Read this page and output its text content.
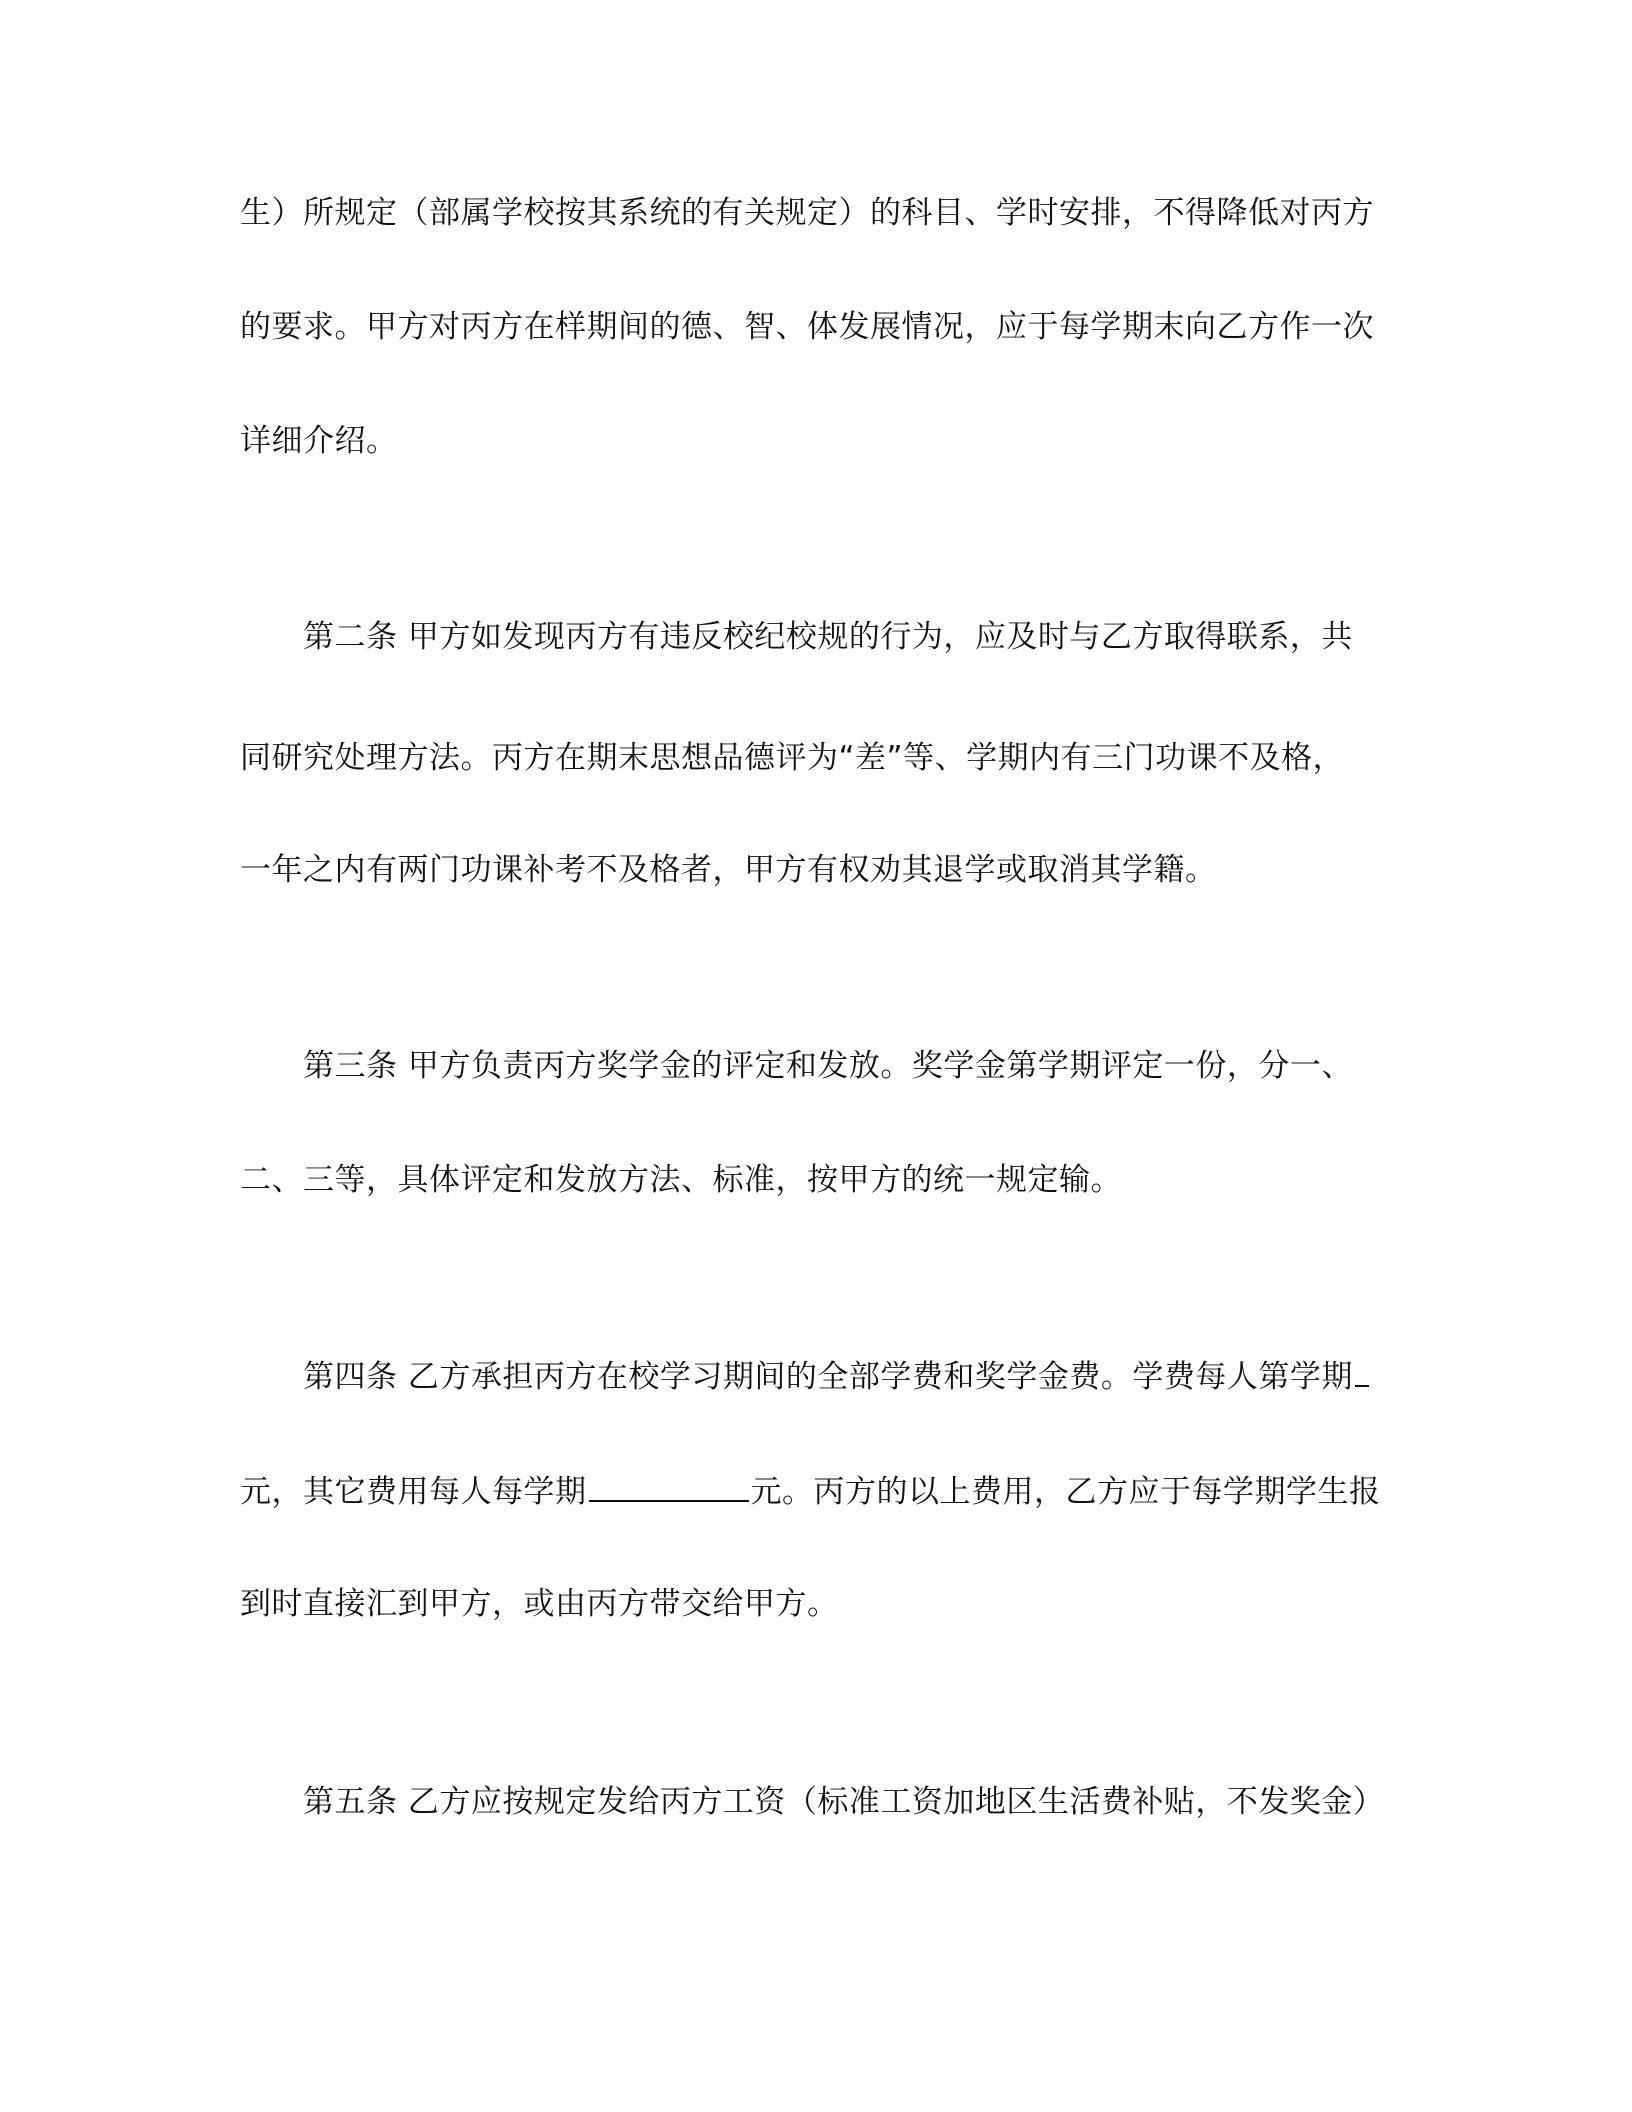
生）所规定（部属学校按其系统的有关规定）的科目、学时安排，不得降低对丙方
的要求。甲方对丙方在样期间的德、智、体发展情况，应于每学期末向乙方作一次
详细介绍。
第二条 甲方如发现丙方有违反校纪校规的行为，应及时与乙方取得联系，共
同研究处理方法。丙方在期末思想品德评为“差”等、学期内有三门功课不及格，
一年之内有两门功课补考不及格者，甲方有权劝其退学或取消其学籍。
第三条 甲方负责丙方奖学金的评定和发放。奖学金第学期评定一份，分一、
二、三等，具体评定和发放方法、标准，按甲方的统一规定输。
第四条 乙方承担丙方在校学习期间的全部学费和奖学金费。学费每人第学期
元，其它费用每人每学期	元。丙方的以上费用，乙方应于每学期学生报
到时直接汇到甲方，或由丙方带交给甲方。
第五条 乙方应按规定发给丙方工资（标准工资加地区生活费补贴，不发奖金）
